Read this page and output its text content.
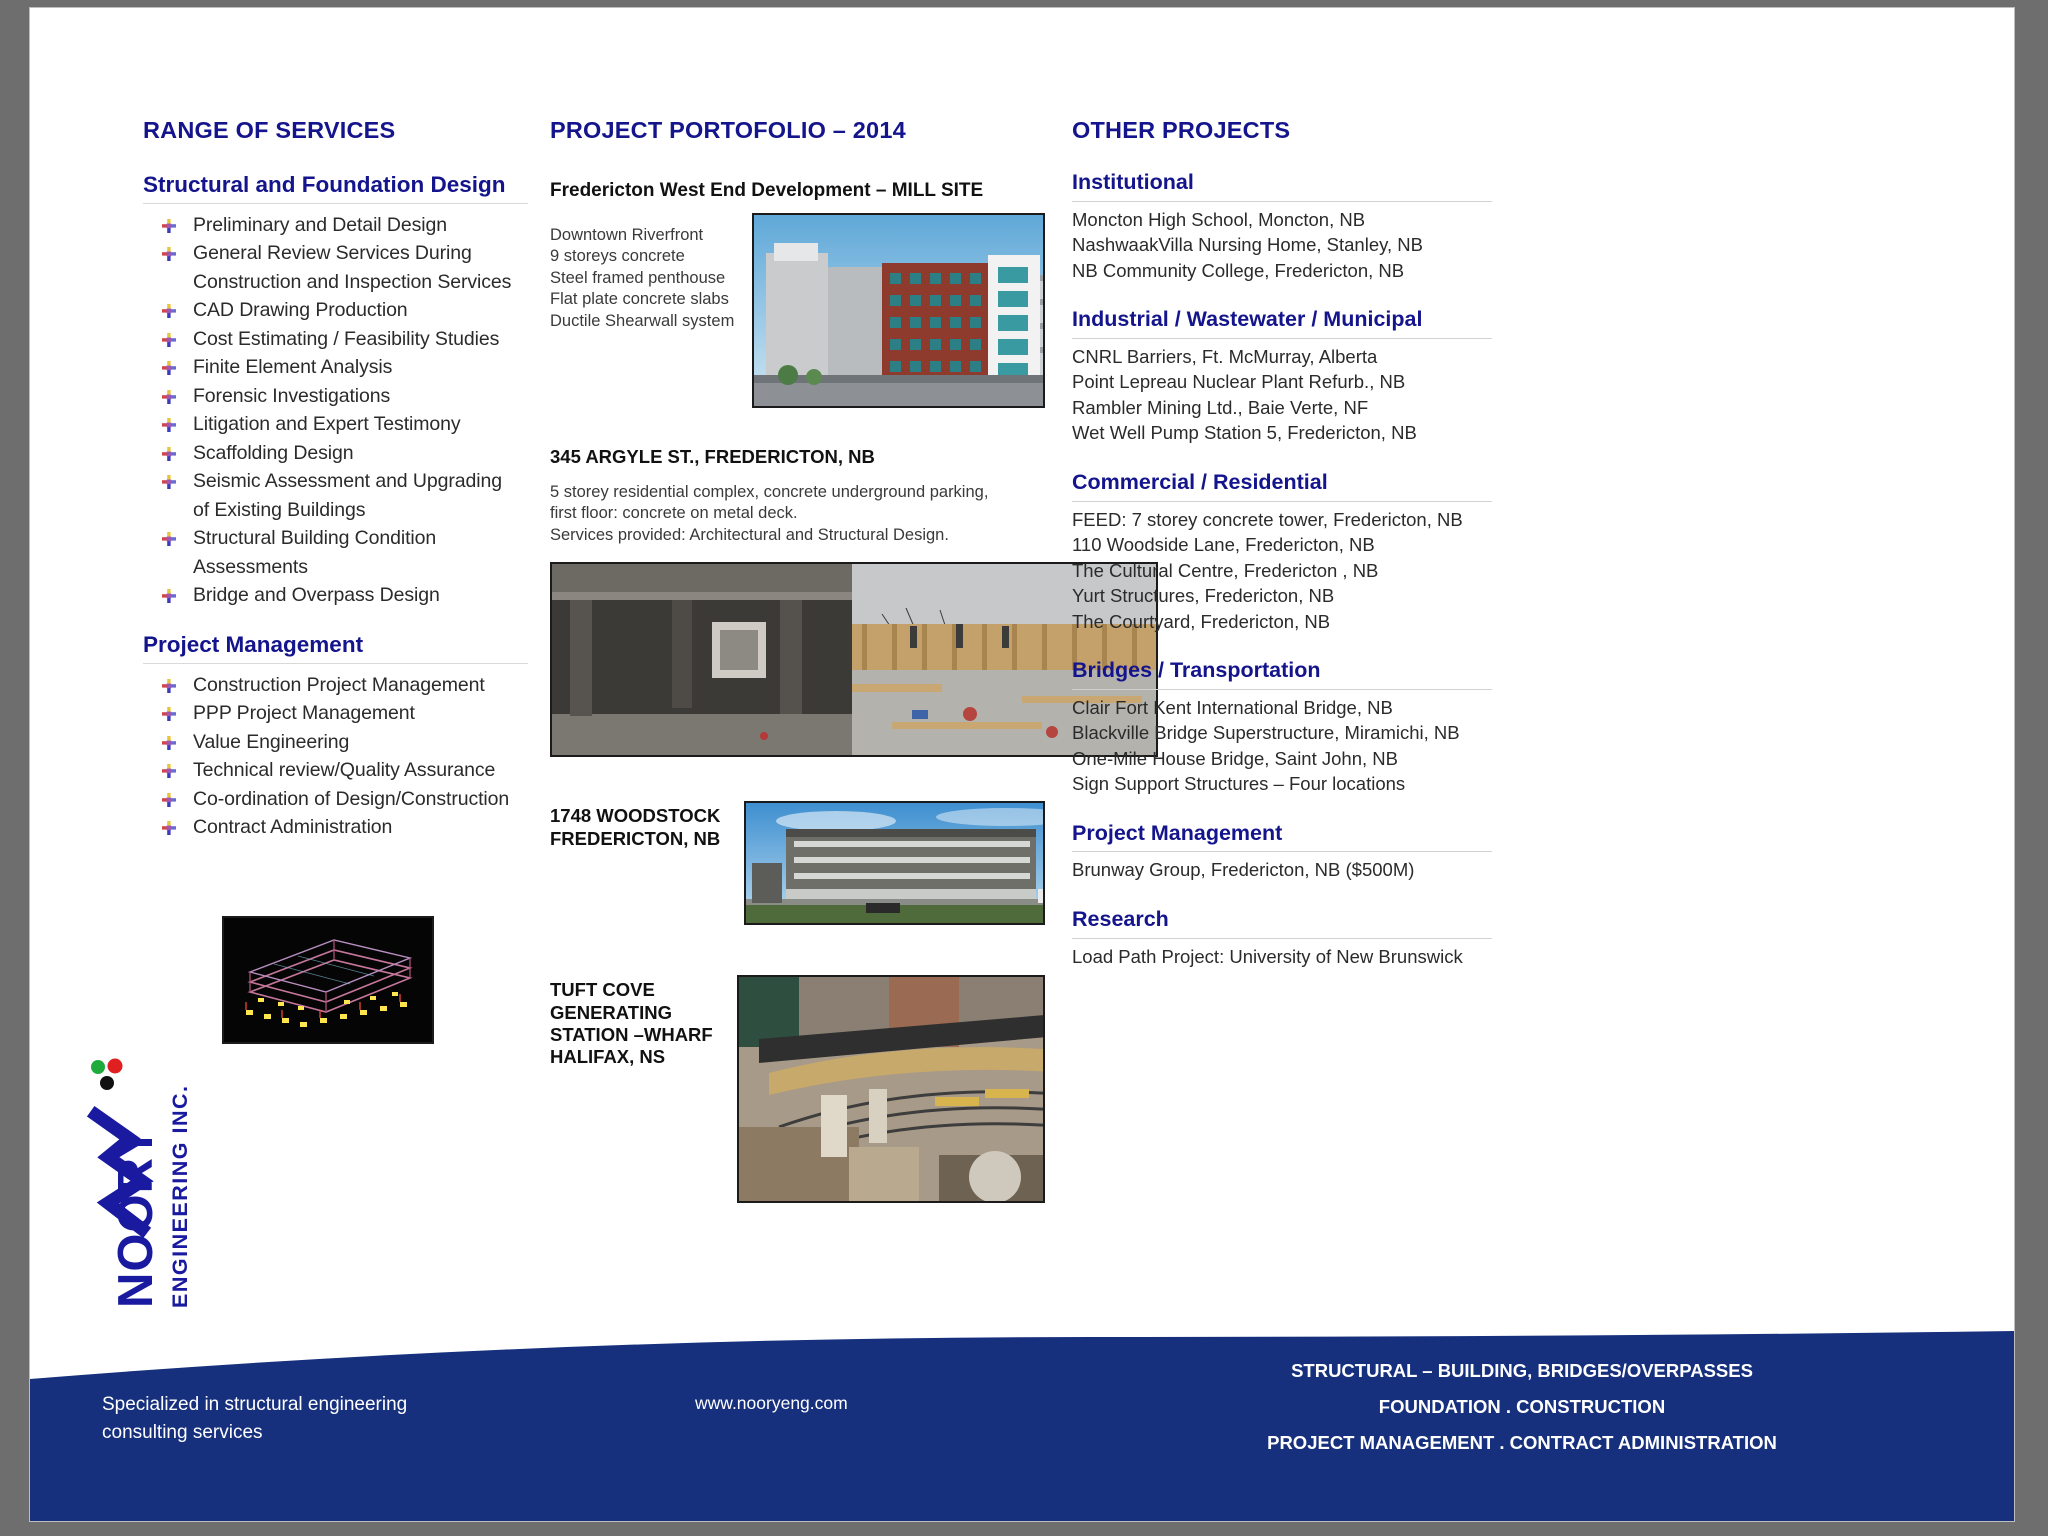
RANGE OF SERVICES
Structural and Foundation Design
Preliminary and Detail Design
General Review Services During
Construction and Inspection Services
CAD Drawing Production
Cost Estimating / Feasibility Studies
Finite Element Analysis
Forensic Investigations
Litigation and Expert Testimony
Scaffolding Design
Seismic Assessment and Upgrading
of Existing Buildings
Structural Building Condition
Assessments
Bridge and Overpass Design
Project Management
Construction Project Management
PPP Project Management
Value Engineering
Technical review/Quality Assurance
Co-ordination of Design/Construction
Contract Administration
PROJECT PORTOFOLIO – 2014
Fredericton West End Development – MILL SITE
Downtown Riverfront
9 storeys concrete
Steel framed penthouse
Flat plate concrete slabs
Ductile Shearwall system
345 ARGYLE ST., FREDERICTON, NB
5 storey residential complex, concrete underground parking,
first floor: concrete on metal deck.
Services provided: Architectural and Structural Design.
1748 WOODSTOCK
FREDERICTON, NB
TUFT COVE
GENERATING
STATION –WHARF
HALIFAX, NS
OTHER PROJECTS
Institutional
Moncton High School, Moncton, NB
NashwaakVilla Nursing Home, Stanley, NB
NB Community College, Fredericton, NB
Industrial / Wastewater / Municipal
CNRL Barriers, Ft. McMurray, Alberta
Point Lepreau Nuclear Plant Refurb., NB
Rambler Mining Ltd., Baie Verte, NF
Wet Well Pump Station 5, Fredericton, NB
Commercial / Residential
FEED: 7 storey concrete tower, Fredericton, NB
110 Woodside Lane, Fredericton, NB
The Cultural Centre, Fredericton , NB
Yurt Structures, Fredericton, NB
The Courtyard, Fredericton, NB
Bridges / Transportation
Clair Fort Kent International Bridge, NB
Blackville Bridge Superstructure, Miramichi, NB
One-Mile House Bridge, Saint John, NB
Sign Support Structures – Four locations
Project Management
Brunway Group, Fredericton, NB ($500M)
Research
Load Path Project: University of New Brunswick
NOORY ENGINEERING INC.
Specialized in structural engineering
consulting services
www.nooryeng.com
STRUCTURAL – BUILDING, BRIDGES/OVERPASSES
FOUNDATION . CONSTRUCTION
PROJECT MANAGEMENT . CONTRACT ADMINISTRATION
